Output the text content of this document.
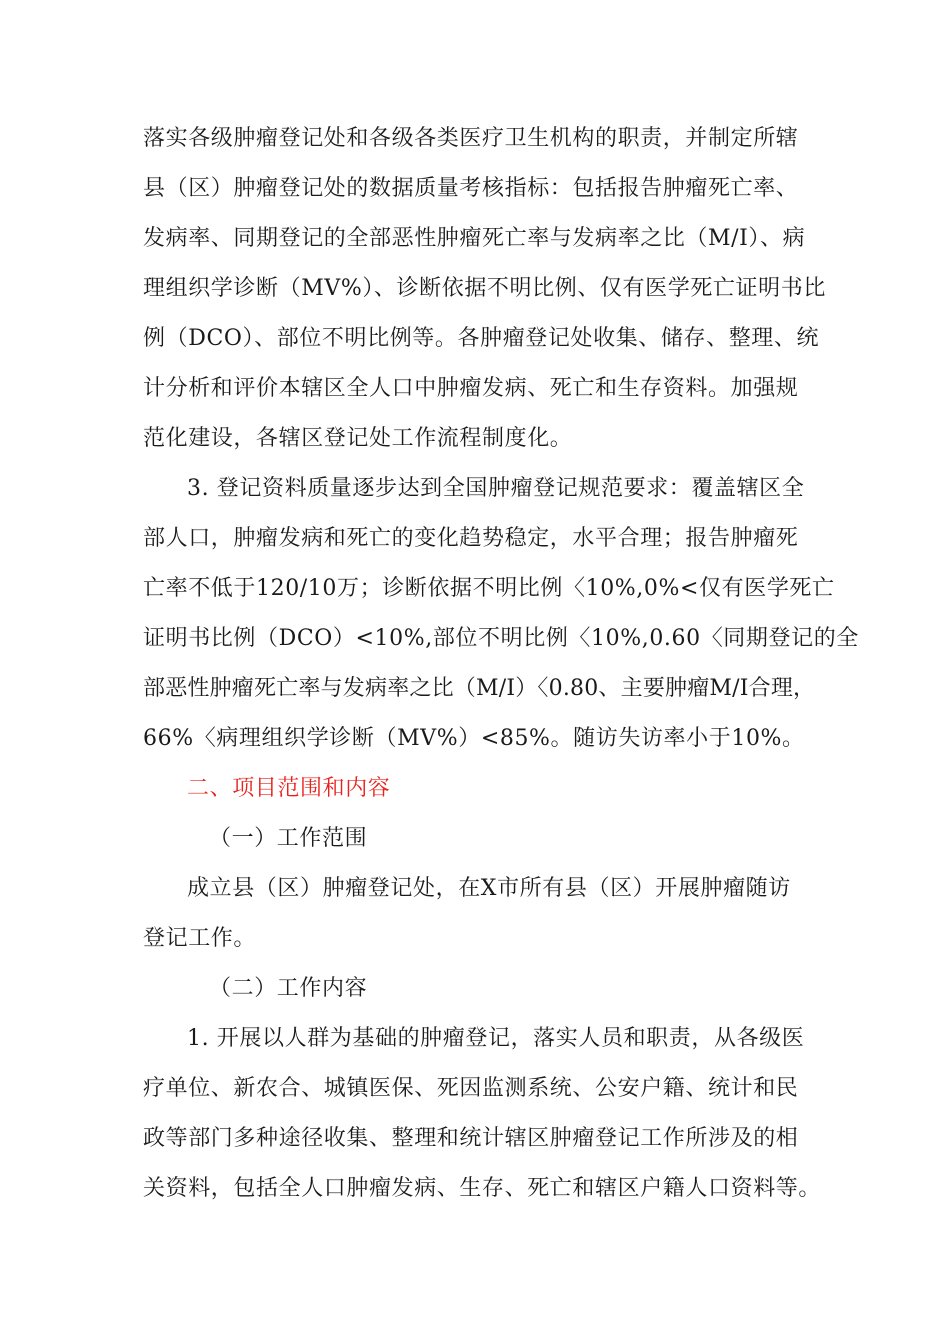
落实各级肿瘤登记处和各级各类医疗卫生机构的职责，并制定所辖
县（区）肿瘤登记处的数据质量考核指标：包括报告肿瘤死亡率、
发病率、同期登记的全部恶性肿瘤死亡率与发病率之比（M/I）、病
理组织学诊断（MV%）、诊断依据不明比例、仅有医学死亡证明书比
例（DCO）、部位不明比例等。各肿瘤登记处收集、储存、整理、统
计分析和评价本辖区全人口中肿瘤发病、死亡和生存资料。加强规
范化建设，各辖区登记处工作流程制度化。
3. 登记资料质量逐步达到全国肿瘤登记规范要求：覆盖辖区全
部人口，肿瘤发病和死亡的变化趋势稳定，水平合理；报告肿瘤死
亡率不低于120/10万；诊断依据不明比例〈10%,0%<仅有医学死亡
证明书比例（DCO）<10%,部位不明比例〈10%,0.60〈同期登记的全
部恶性肿瘤死亡率与发病率之比（M/I）〈0.80、主要肿瘤M/I合理，
66%〈病理组织学诊断（MV%）<85%。随访失访率小于10%。
二、项目范围和内容
（一）工作范围
成立县（区）肿瘤登记处，在X市所有县（区）开展肿瘤随访
登记工作。
（二）工作内容
1. 开展以人群为基础的肿瘤登记，落实人员和职责，从各级医
疗单位、新农合、城镇医保、死因监测系统、公安户籍、统计和民
政等部门多种途径收集、整理和统计辖区肿瘤登记工作所涉及的相
关资料，包括全人口肿瘤发病、生存、死亡和辖区户籍人口资料等。
